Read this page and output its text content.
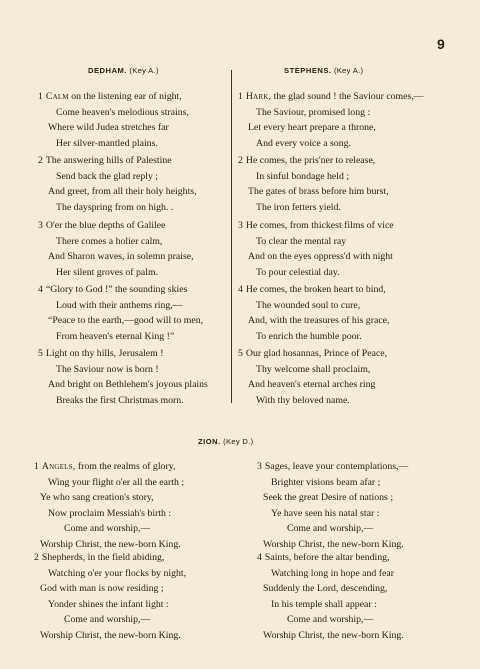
9
DEDHAM. (Key A.)	STEPHENS. (Key A.)
ZION. (Key D.)
1 Calm on the listening ear of night,
Come heaven's melodious strains,
Where wild Judea stretches far
Her silver-mantled plains.
2 The answering hills of Palestine
Send back the glad reply ;
And greet, from all their holy heights,
The dayspring from on high. .
3 O'er the blue depths of Galilee
There comes a holier calm,
And Sharon waves, in solemn praise,
Her silent groves of palm.
4 “Glory to God !” the sounding skies
Loud with their anthems ring,—
“Peace to the earth,—good will to men,
From heaven's eternal King !”
5 Light on thy hills, Jerusalem !
The Saviour now is born !
And bright on Bethlehem's joyous plains
Breaks the first Christmas morn.
1 Hark, the glad sound ! the Saviour comes,—
The Saviour, promised long :
Let every heart prepare a throne,
And every voice a song.
2 He comes, the pris'ner to release,
In sinful bondage held ;
The gates of brass before him burst,
The iron fetters yield.
3 He comes, from thickest films of vice
To clear the mental ray
And on the eyes oppress'd with night
To pour celestial day.
4 He comes, the broken heart to bind,
The wounded soul to cure,
And, with the treasures of his grace,
To enrich the humble poor.
5 Our glad hosannas, Prince of Peace,
Thy welcome shall proclaim,
And heaven's eternal arches ring
With thy beloved name.
1 Angels, from the realms of glory,
Wing your flight o'er all the earth ;
Ye who sang creation's story,
Now proclaim Messiah's birth :
Come and worship,—
Worship Christ, the new-born King.
2 Shepherds, in the field abiding,
Watching o'er your flocks by night,
God with man is now residing ;
Yonder shines the infant light :
Come and worship,—
Worship Christ, the new-born King.
3 Sages, leave your contemplations,—
Brighter visions beam afar ;
Seek the great Desire of nations ;
Ye have seen his natal star :
Come and worship,—
Worship Christ, the new-born King.
4 Saints, before the altar bending,
Watching long in hope and fear
Suddenly the Lord, descending,
In his temple shall appear :
Come and worship,—
Worship Christ, the new-born King.
